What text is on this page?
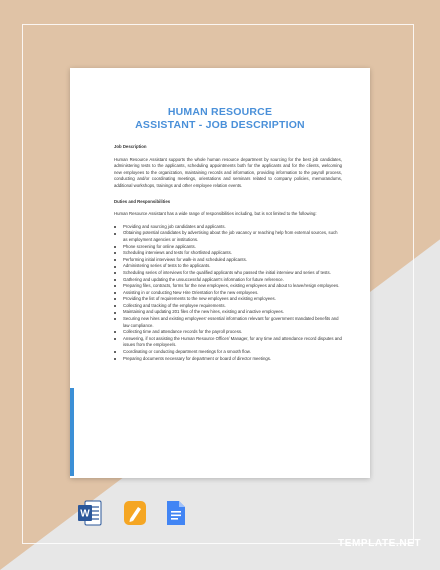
HUMAN RESOURCE
ASSISTANT - JOB DESCRIPTION
Job Description
Human Resource Assistant supports the whole human resource department by sourcing for the best job candidates, administering tests to the applicants, scheduling appointments both for the applicants and for the clients, welcoming new employees to the organization, maintaining records and information, providing information to the payroll process, conducting and/or coordinating meetings, orientations and seminars related to company policies, memorandums, additional workshops, trainings and other employee relation events.
Duties and Responsibilities
Human Resource Assistant has a wide range of responsibilities including, but is not limited to the following:
Providing and sourcing job candidates and applicants.
Obtaining potential candidates by advertising about the job vacancy or reaching help from external sources, such as employment agencies or institutions.
Phone screening for online applicants.
Scheduling interviews and tests for shortlisted applicants.
Performing initial interviews for walk-in and scheduled applicants.
Administering series of tests to the applicants.
Scheduling series of interviews for the qualified applicants who passed the initial interview and series of tests.
Gathering and updating the unsuccessful applicant's information for future reference.
Preparing files, contracts, forms for the new employees, existing employees and about to leave/resign employees.
Assisting in or conducting New Hire Orientation for the new employees.
Providing the list of requirements to the new employees and existing employees.
Collecting and tracking of the employee requirements.
Maintaining and updating 201 files of the new hires, existing and inactive employees.
Securing new hires and existing employees' essential information relevant for government mandated benefits and law compliance.
Collecting time and attendance records for the payroll process.
Answering, if not assisting the Human Resource Officer/ Manager, for any time and attendance record disputes and issues from the employee/s.
Coordinating or conducting department meetings for a smooth flow.
Preparing documents necessary for department or board of director meetings.
W
TEMPLATE.NET
